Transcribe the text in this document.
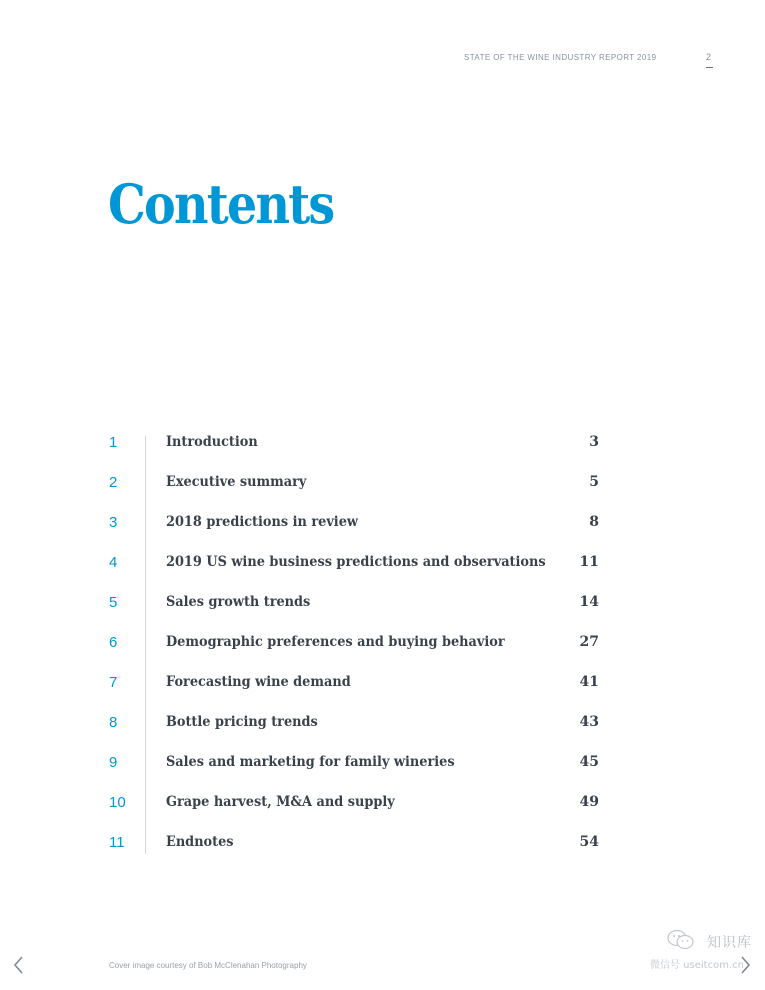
STATE OF THE WINE INDUSTRY REPORT 2019	2
Contents
1	Introduction	3
2	Executive summary	5
3	2018 predictions in review	8
4	2019 US wine business predictions and observations 11
5	Sales growth trends	14
6	Demographic preferences and buying behavior	27
7	Forecasting wine demand	41
8	Bottle pricing trends	43
9	Sales and marketing for family wineries	45
10	Grape harvest, M&A and supply	49
11	Endnotes	54
Cover image courtesy of Bob McClenahan Photography
知识库
微信号 useitcom.cn
